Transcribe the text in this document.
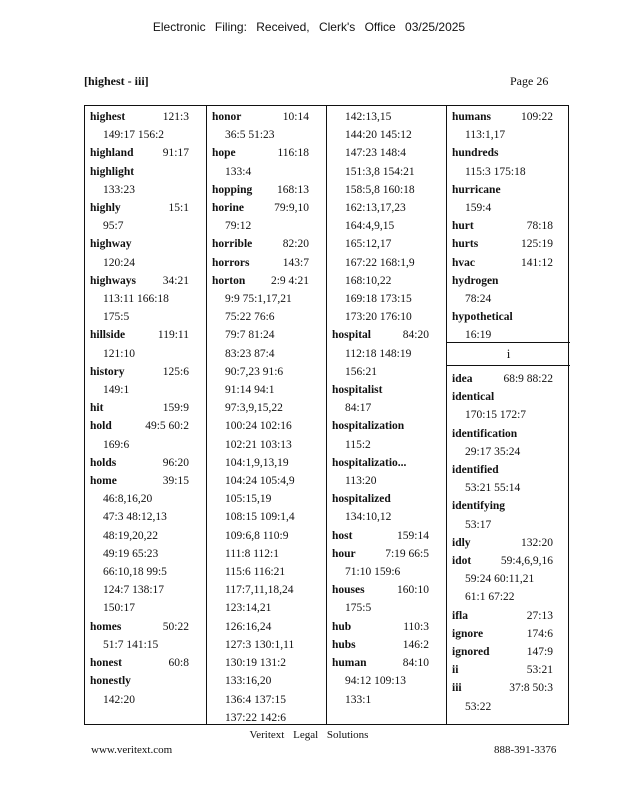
Electronic Filing: Received, Clerk's Office 03/25/2025
[highest - iii]	Page 26
highest	121:3
149:17 156:2
highland	91:17
highlight
133:23
highly	15:1
95:7
highway
120:24
highways 34:21
113:11 166:18
175:5
hillside	119:11
121:10
history	125:6
149:1
hit	159:9
hold	49:5 60:2
169:6
holds	96:20
home	39:15
46:8,16,20
47:3 48:12,13
48:19,20,22
49:19 65:23
66:10,18 99:5
124:7 138:17
150:17
homes	50:22
51:7 141:15
honest	60:8
honestly
142:20
honor	10:14
36:5 51:23
hope	116:18
133:4
hopping 168:13
horine	79:9,10
79:12
horrible	82:20
horrors	143:7
horton 2:9 4:21
9:9 75:1,17,21
75:22 76:6
79:7 81:24
83:23 87:4
90:7,23 91:6
91:14 94:1
97:3,9,15,22
100:24 102:16
102:21 103:13
104:1,9,13,19
104:24 105:4,9
105:15,19
108:15 109:1,4
109:6,8 110:9
111:8 112:1
115:6 116:21
117:7,11,18,24
123:14,21
126:16,24
127:3 130:1,11
130:19 131:2
133:16,20
136:4 137:15
137:22 142:6
142:13,15
144:20 145:12
147:23 148:4
151:3,8 154:21
158:5,8 160:18
162:13,17,23
164:4,9,15
165:12,17
167:22 168:1,9
168:10,22
169:18 173:15
173:20 176:10
hospital	84:20
112:18 148:19
156:21
hospitalist
84:17
hospitalization
115:2
hospitalizatio...
113:20
hospitalized
134:10,12
host	159:14
hour	7:19 66:5
71:10 159:6
houses	160:10
175:5
hub	110:3
hubs	146:2
human	84:10
94:12 109:13
133:1
humans	109:22
113:1,17
hundreds
115:3 175:18
hurricane
159:4
hurt	78:18
hurts	125:19
hvac	141:12
hydrogen
78:24
hypothetical
16:19
i
idea	68:9 88:22
identical
170:15 172:7
identification
29:17 35:24
identified
53:21 55:14
identifying
53:17
idly	132:20
idot	59:4,6,9,16
59:24 60:11,21
61:1 67:22
ifla	27:13
ignore	174:6
ignored	147:9
ii	53:21
iii	37:8 50:3
53:22
Veritext Legal Solutions
www.veritext.com	888-391-3376
